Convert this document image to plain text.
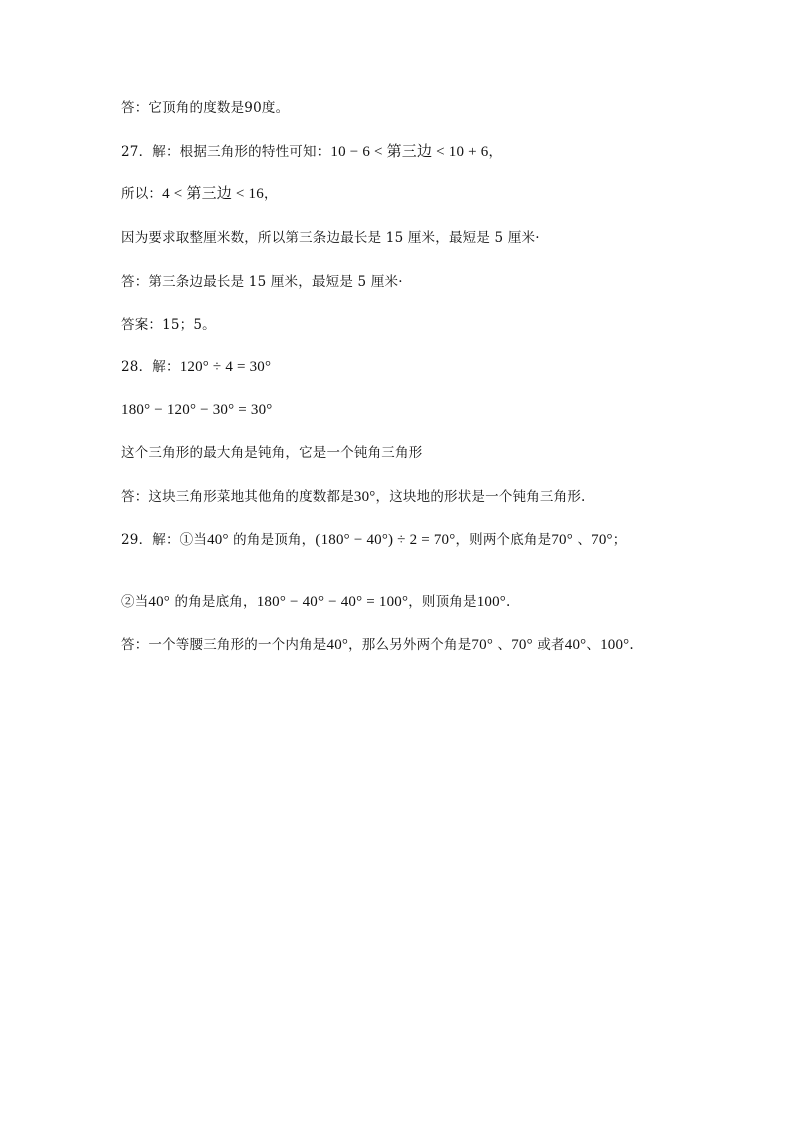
答：它顶角的度数是90度。
27．解：根据三角形的特性可知：10 − 6 < 第三边 < 10 + 6，
所以：4 < 第三边 < 16，
因为要求取整厘米数，所以第三条边最长是 15 厘米，最短是 5 厘米·
答：第三条边最长是 15 厘米，最短是 5 厘米·
答案：15；5。
28．解：120° ÷ 4 = 30°
180° − 120° − 30° = 30°
这个三角形的最大角是钝角，它是一个钝角三角形
答：这块三角形菜地其他角的度数都是30°，这块地的形状是一个钝角三角形.
29．解：①当40° 的角是顶角，(180° − 40°) ÷ 2 = 70°，则两个底角是70° 、70°；
②当40° 的角是底角，180° − 40° − 40° = 100°，则顶角是100°.
答：一个等腰三角形的一个内角是40°，那么另外两个角是70° 、70° 或者40°、100°.
